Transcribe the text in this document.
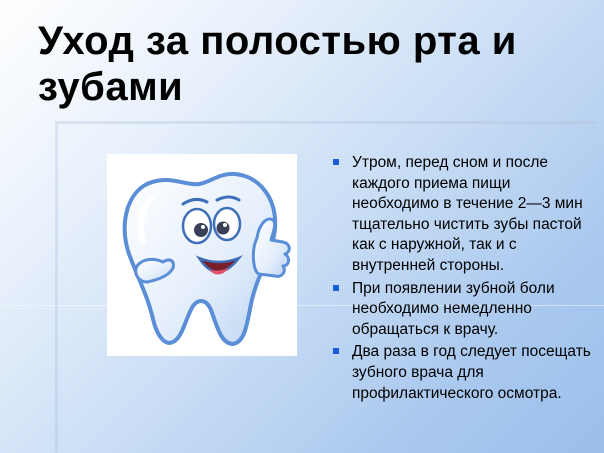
Уход за полостью рта и
зубами
Утром, перед сном и после каждого приема пищи необходимо в течение 2—3 мин тщательно чистить зубы пастой как с наружной, так и с внутренней стороны.
При появлении зубной боли необходимо немедленно обращаться к врачу.
Два раза в год следует посещать зубного врача для профилактического осмотра.
